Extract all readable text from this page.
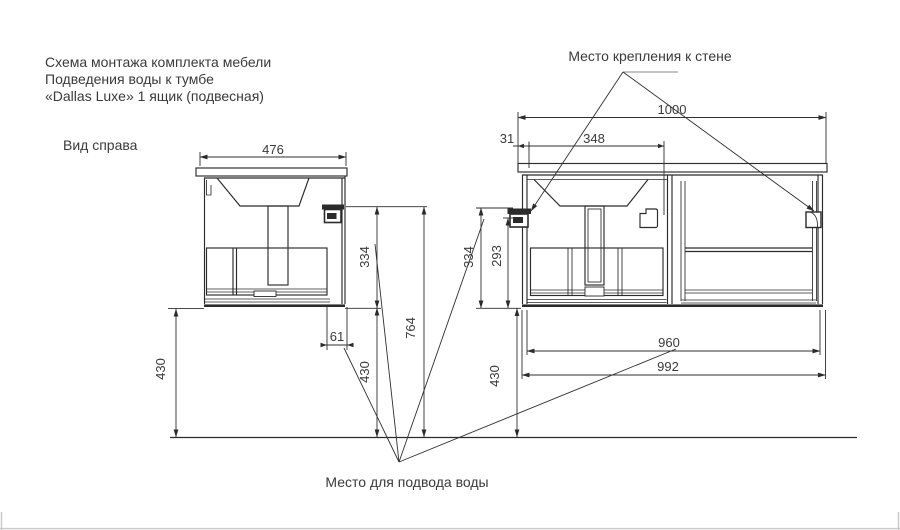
Схема монтажа комплекта мебели
Подведения воды к тумбе
«Dallas Luxe» 1 ящик (подвесная)
Вид справа	476
334
430
764
430
61
1000
31	348
334 293
430
960
992
Место крепления к стене
Место для подвода воды
